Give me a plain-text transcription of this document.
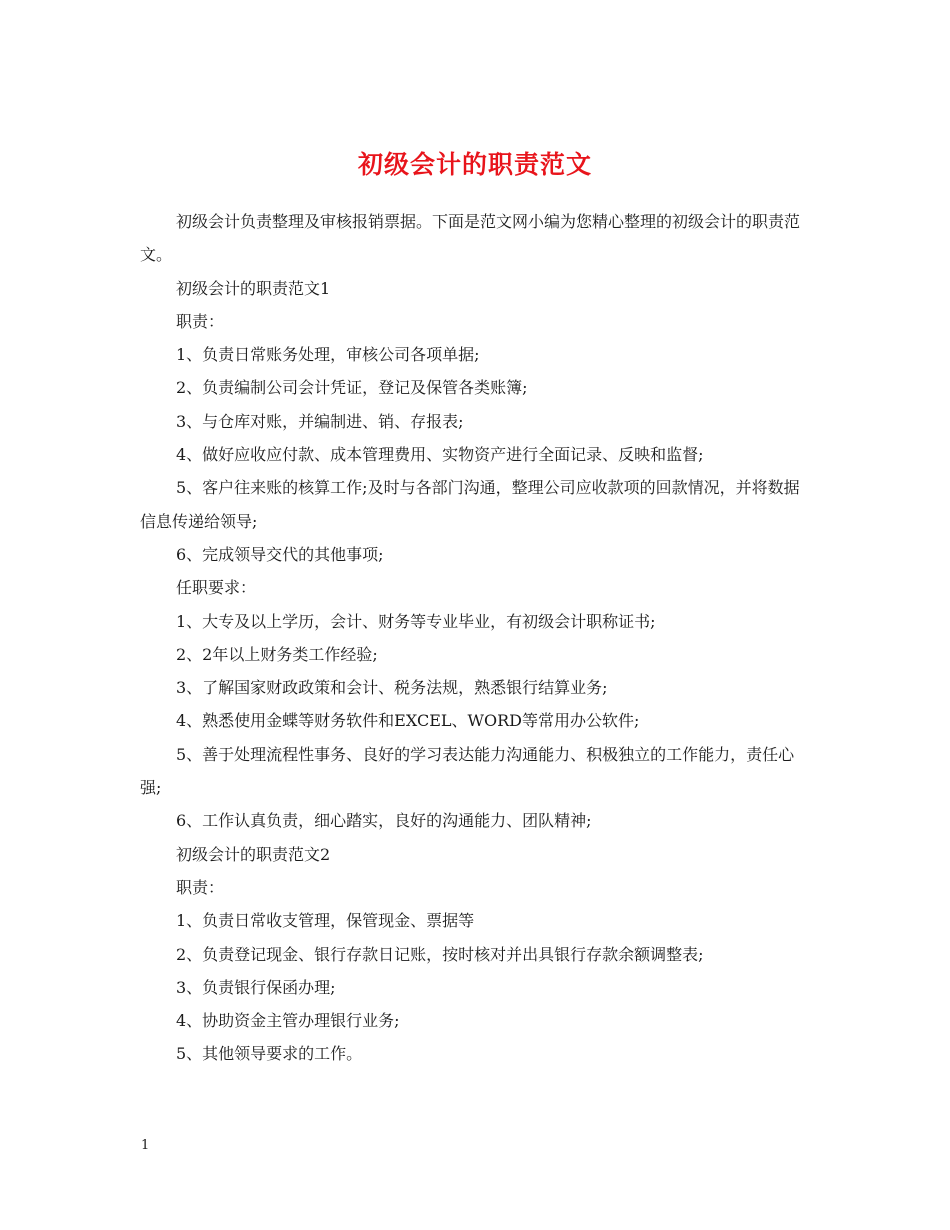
初级会计的职责范文

初级会计负责整理及审核报销票据。下面是范文网小编为您精心整理的初级会计的职责范文。

初级会计的职责范文1

职责：

1、负责日常账务处理，审核公司各项单据;

2、负责编制公司会计凭证，登记及保管各类账簿;

3、与仓库对账，并编制进、销、存报表;

4、做好应收应付款、成本管理费用、实物资产进行全面记录、反映和监督;

5、客户往来账的核算工作;及时与各部门沟通，整理公司应收款项的回款情况，并将数据信息传递给领导;

6、完成领导交代的其他事项;

任职要求：

1、大专及以上学历，会计、财务等专业毕业，有初级会计职称证书;

2、2年以上财务类工作经验;

3、了解国家财政政策和会计、税务法规，熟悉银行结算业务;

4、熟悉使用金蝶等财务软件和EXCEL、WORD等常用办公软件;

5、善于处理流程性事务、良好的学习表达能力沟通能力、积极独立的工作能力，责任心强;

6、工作认真负责，细心踏实，良好的沟通能力、团队精神;

初级会计的职责范文2

职责：

1、负责日常收支管理，保管现金、票据等

2、负责登记现金、银行存款日记账，按时核对并出具银行存款余额调整表;

3、负责银行保函办理;

4、协助资金主管办理银行业务;

5、其他领导要求的工作。

1
